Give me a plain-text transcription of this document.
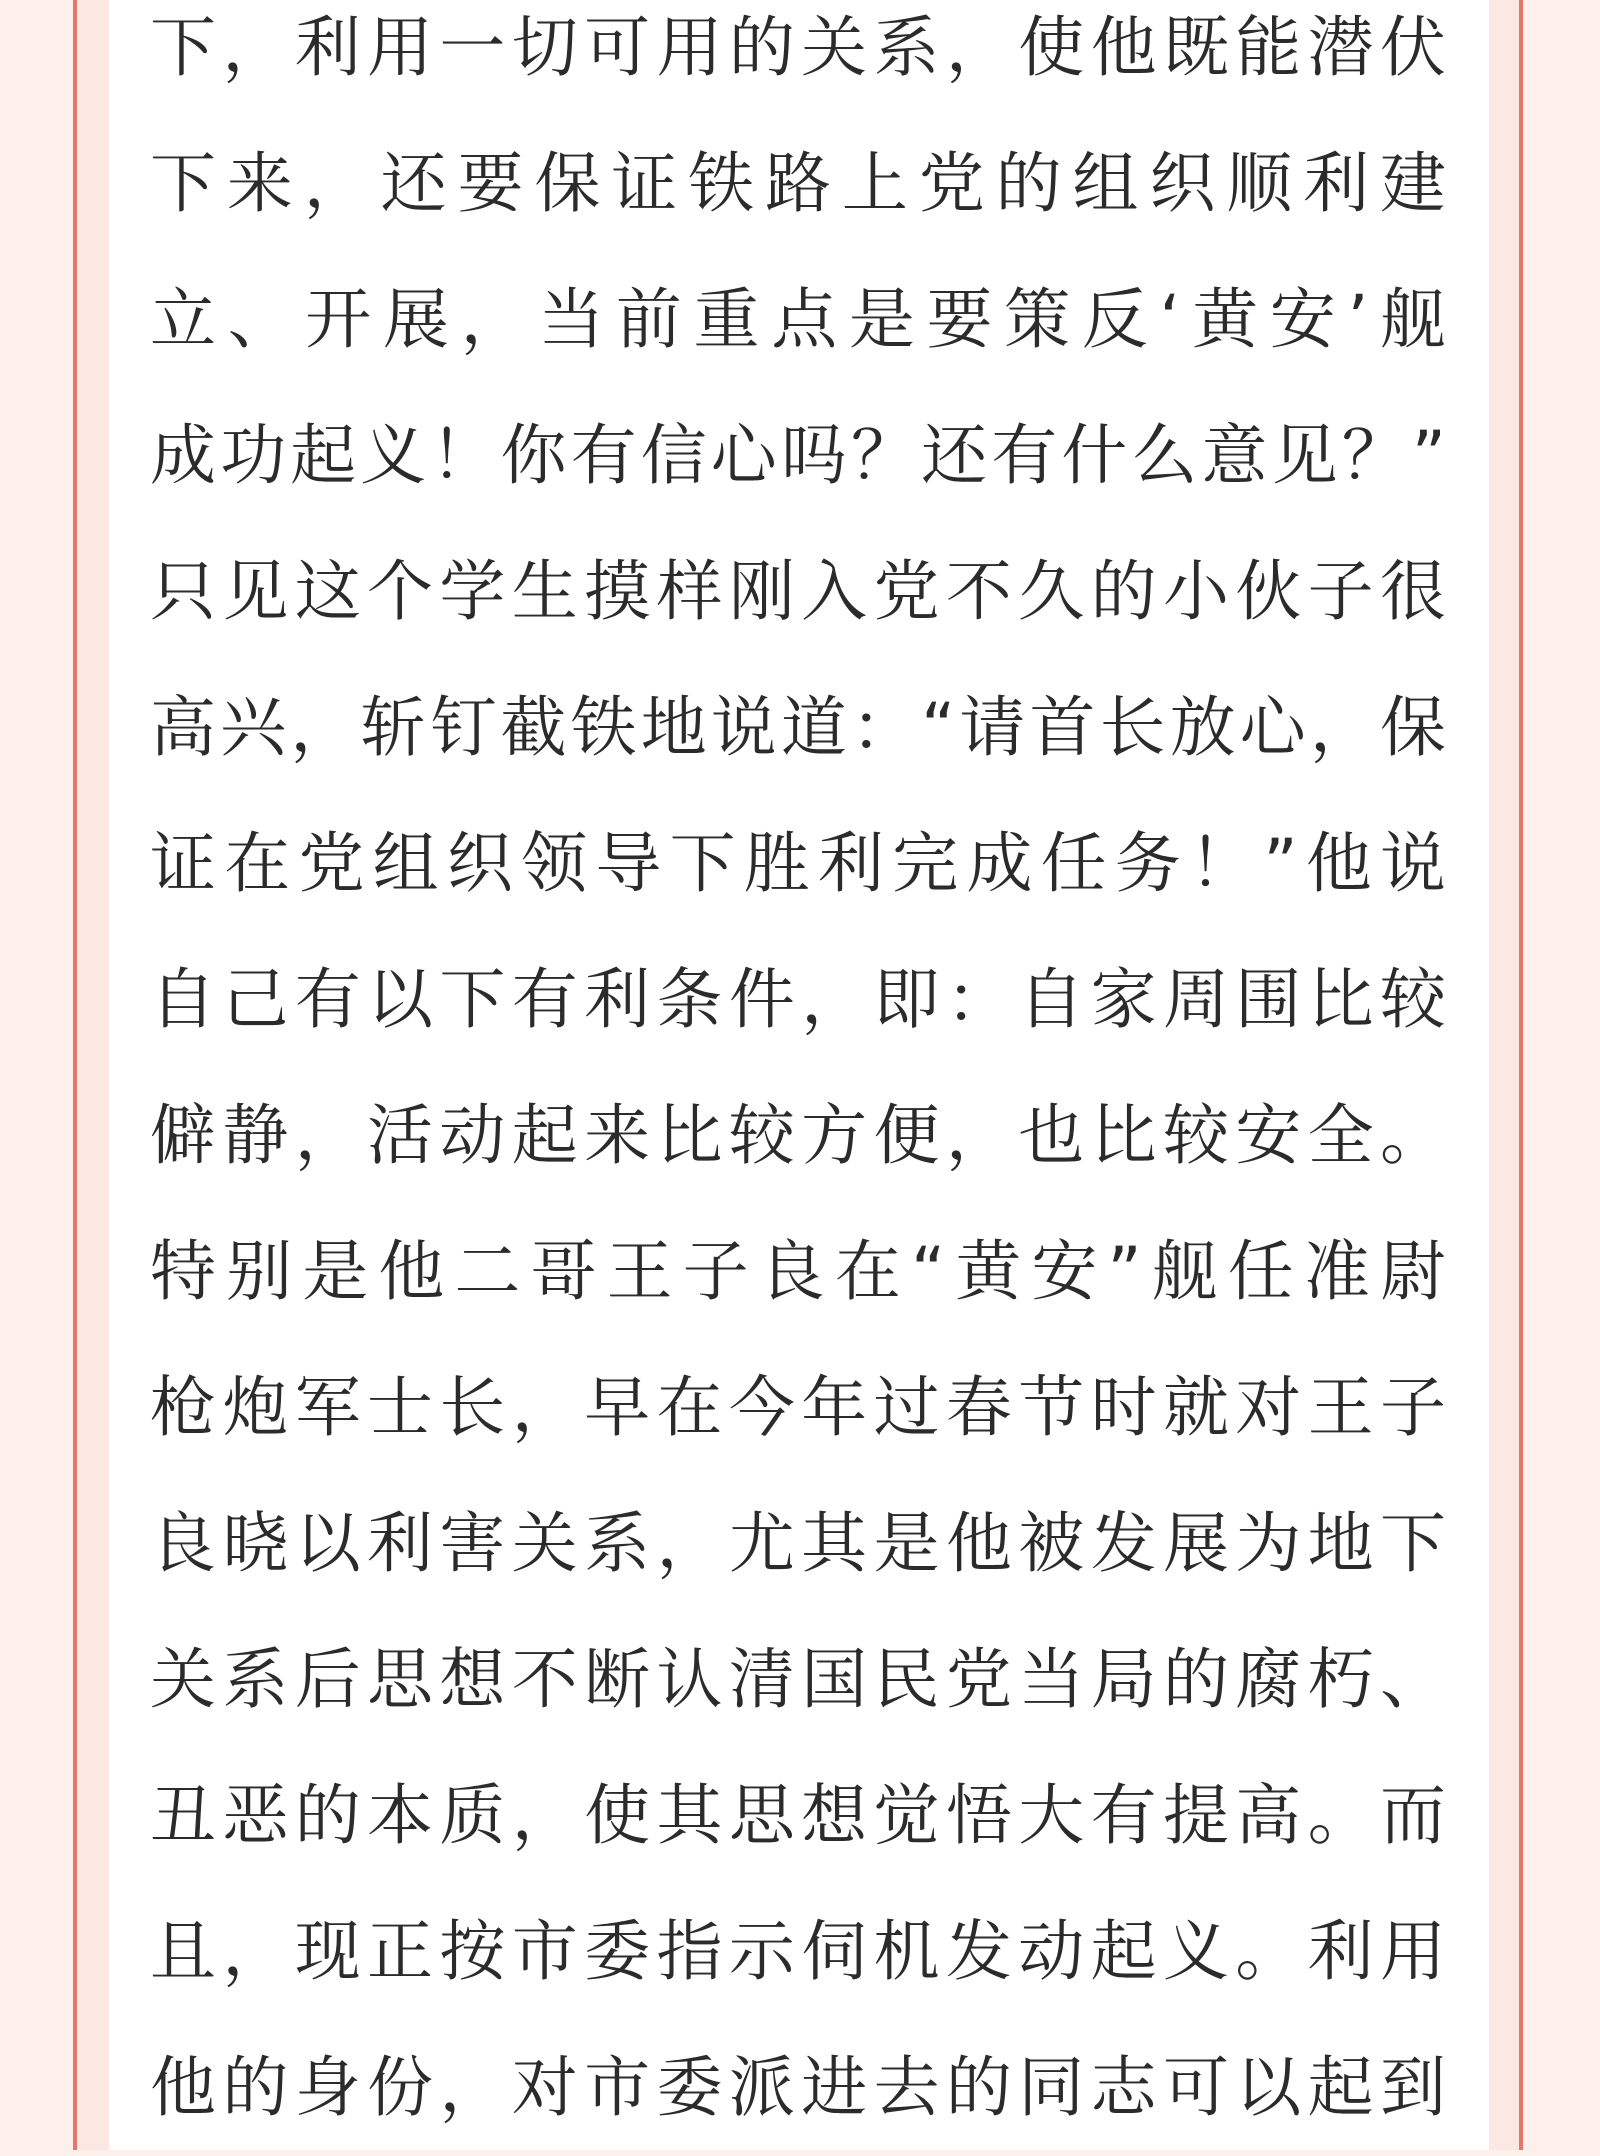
下，利用一切可用的关系，使他既能潜伏
下来，还要保证铁路上党的组织顺利建
立、开展，当前重点是要策反‘黄安’舰
成功起义！你有信心吗？还有什么意见？”
只见这个学生摸样刚入党不久的小伙子很
高兴，斩钉截铁地说道：“请首长放心，保
证在党组织领导下胜利完成任务！”他说
自己有以下有利条件，即：自家周围比较
僻静，活动起来比较方便，也比较安全。
特别是他二哥王子良在“黄安”舰任准尉
枪炮军士长，早在今年过春节时就对王子
良晓以利害关系，尤其是他被发展为地下
关系后思想不断认清国民党当局的腐朽、
丑恶的本质，使其思想觉悟大有提高。而
且，现正按市委指示伺机发动起义。利用
他的身份，对市委派进去的同志可以起到
